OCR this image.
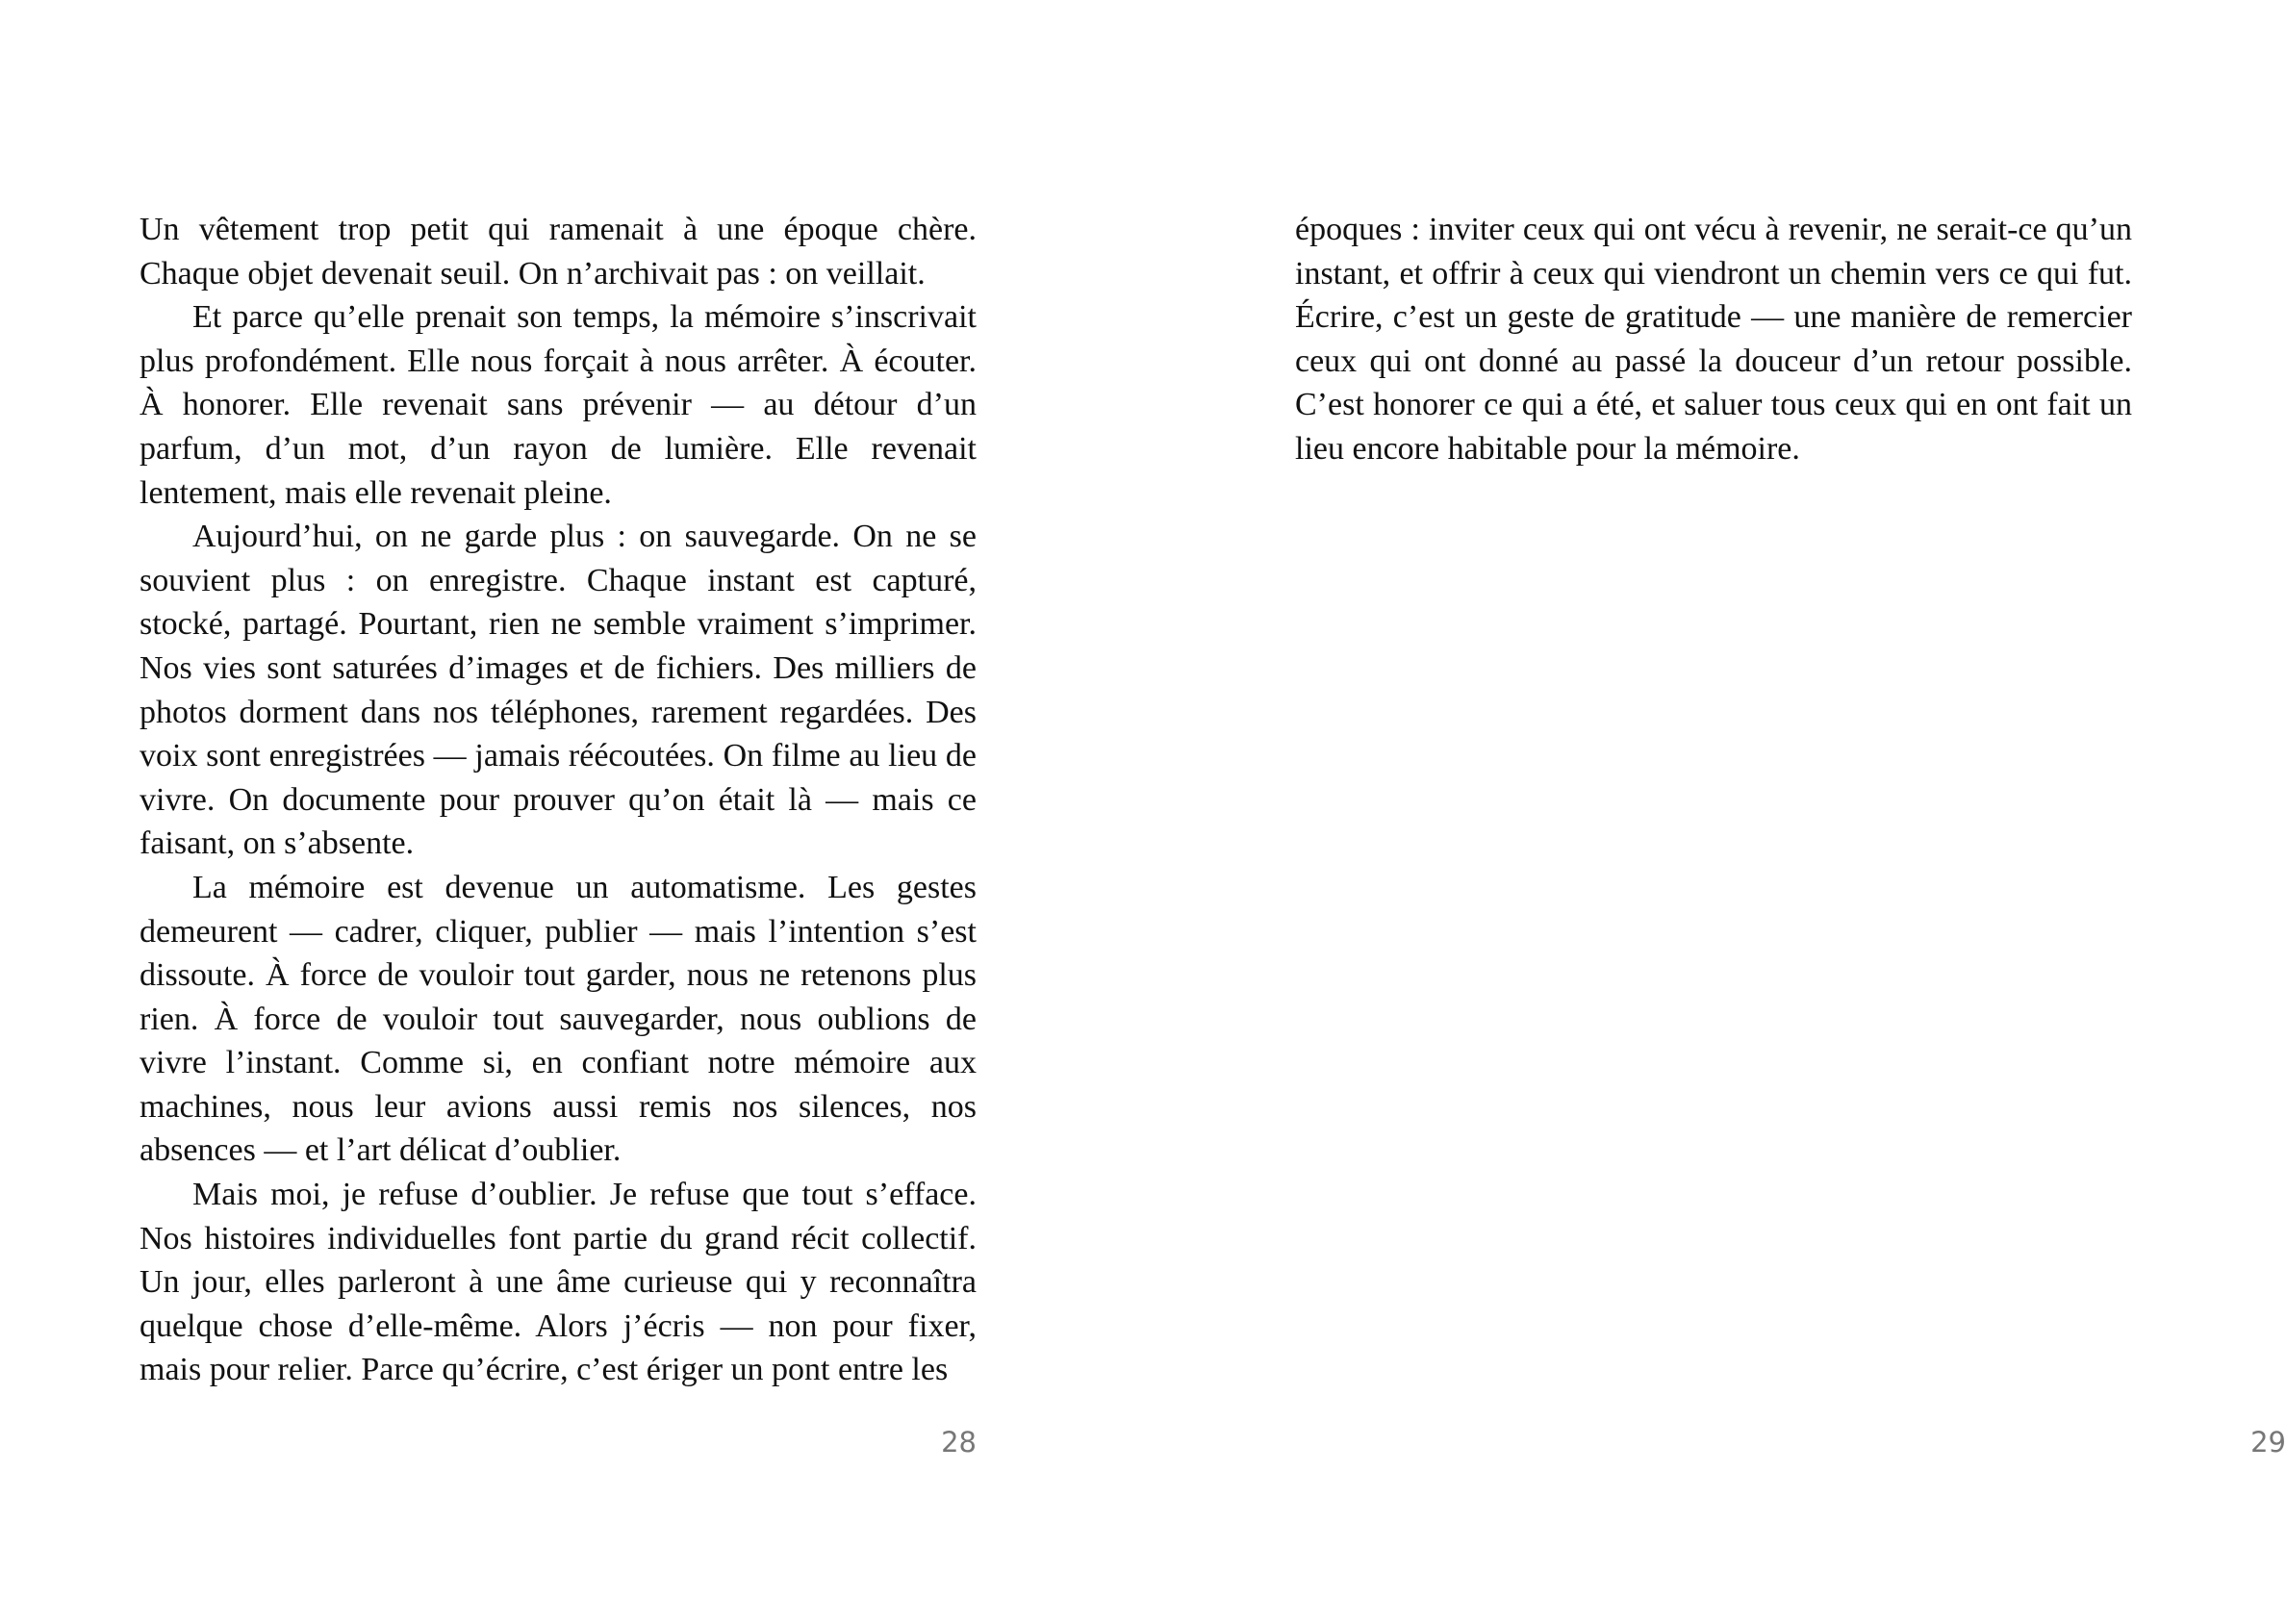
Un vêtement trop petit qui ramenait à une époque chère. Chaque objet devenait seuil. On n’archivait pas : on veillait.

Et parce qu’elle prenait son temps, la mémoire s’inscrivait plus profondément. Elle nous forçait à nous arrêter. À écouter. À honorer. Elle revenait sans prévenir — au détour d’un parfum, d’un mot, d’un rayon de lumière. Elle revenait lentement, mais elle revenait pleine.

Aujourd’hui, on ne garde plus : on sauvegarde. On ne se souvient plus : on enregistre. Chaque instant est capturé, stocké, partagé. Pourtant, rien ne semble vraiment s’imprimer. Nos vies sont saturées d’images et de fichiers. Des milliers de photos dorment dans nos téléphones, rarement regardées. Des voix sont enregistrées — jamais réécoutées. On filme au lieu de vivre. On documente pour prouver qu’on était là — mais ce faisant, on s’absente.

La mémoire est devenue un automatisme. Les gestes demeurent — cadrer, cliquer, publier — mais l’intention s’est dissoute. À force de vouloir tout garder, nous ne retenons plus rien. À force de vouloir tout sauvegarder, nous oublions de vivre l’instant. Comme si, en confiant notre mémoire aux machines, nous leur avions aussi remis nos silences, nos absences — et l’art délicat d’oublier.

Mais moi, je refuse d’oublier. Je refuse que tout s’efface. Nos histoires individuelles font partie du grand récit collectif. Un jour, elles parleront à une âme curieuse qui y reconnaîtra quelque chose d’elle-même. Alors j’écris — non pour fixer, mais pour relier. Parce qu’écrire, c’est ériger un pont entre les

28

époques : inviter ceux qui ont vécu à revenir, ne serait-ce qu’un instant, et offrir à ceux qui viendront un chemin vers ce qui fut. Écrire, c’est un geste de gratitude — une manière de remercier ceux qui ont donné au passé la douceur d’un retour possible. C’est honorer ce qui a été, et saluer tous ceux qui en ont fait un lieu encore habitable pour la mémoire.

29
